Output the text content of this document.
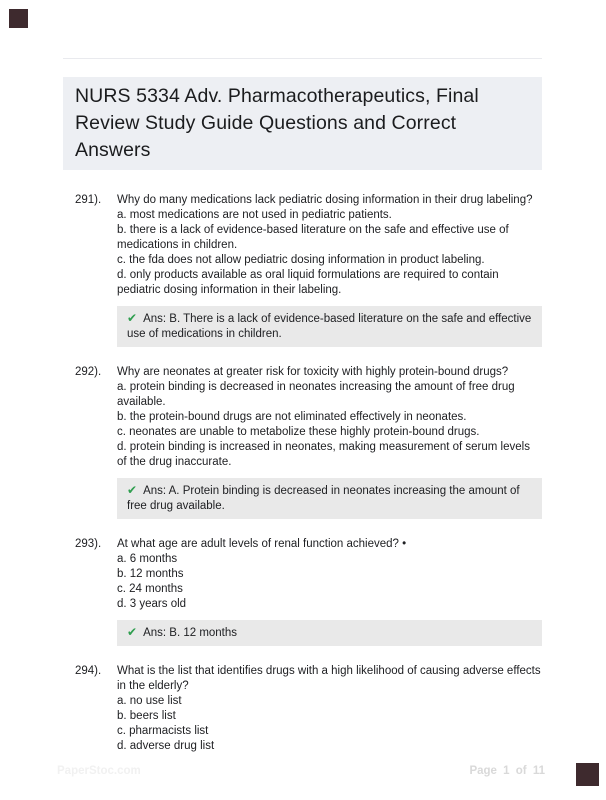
NURS 5334 Adv. Pharmacotherapeutics, Final Review Study Guide Questions and Correct Answers
291).	Why do many medications lack pediatric dosing information in their drug labeling?
a. most medications are not used in pediatric patients.
b. there is a lack of evidence-based literature on the safe and effective use of medications in children.
c. the fda does not allow pediatric dosing information in product labeling.
d. only products available as oral liquid formulations are required to contain pediatric dosing information in their labeling.
✔ Ans: B. There is a lack of evidence-based literature on the safe and effective use of medications in children.
292).	Why are neonates at greater risk for toxicity with highly protein-bound drugs?
a. protein binding is decreased in neonates increasing the amount of free drug available.
b. the protein-bound drugs are not eliminated effectively in neonates.
c. neonates are unable to metabolize these highly protein-bound drugs.
d. protein binding is increased in neonates, making measurement of serum levels of the drug inaccurate.
✔ Ans: A. Protein binding is decreased in neonates increasing the amount of free drug available.
293).	At what age are adult levels of renal function achieved? •
a. 6 months
b. 12 months
c. 24 months
d. 3 years old
✔ Ans: B. 12 months
294).	What is the list that identifies drugs with a high likelihood of causing adverse effects in the elderly?
a. no use list
b. beers list
c. pharmacists list
d. adverse drug list
PaperStoc.com	Page 1 of 11
